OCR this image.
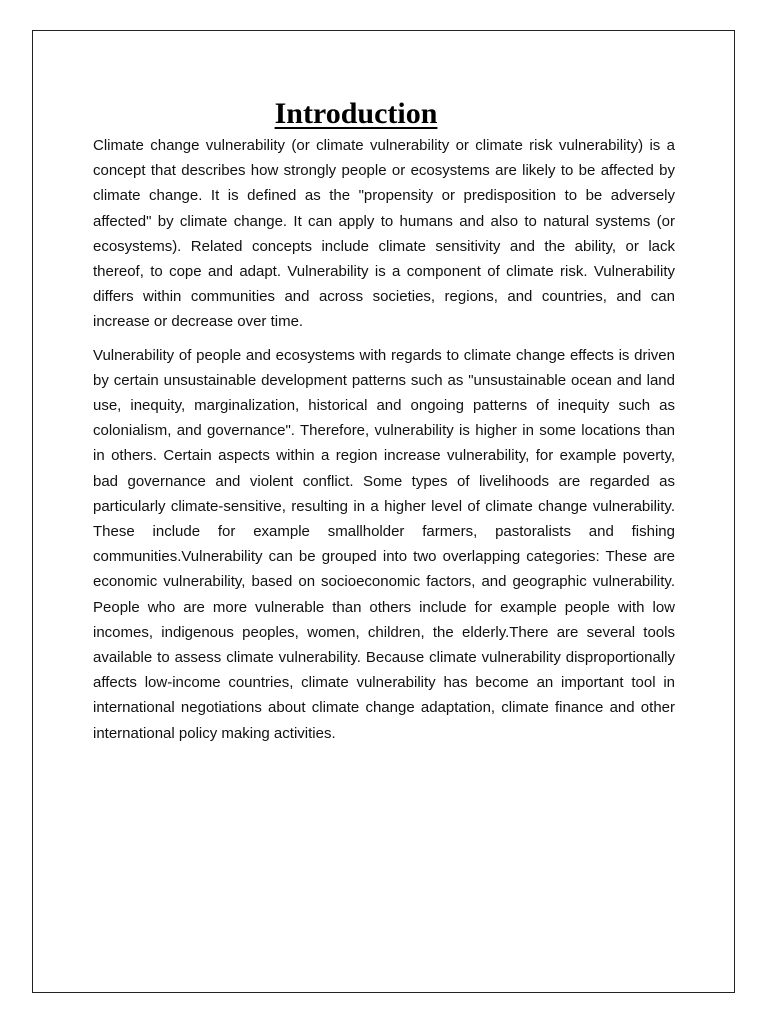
Introduction

Climate change vulnerability (or climate vulnerability or climate risk vulnerability) is a concept that describes how strongly people or ecosystems are likely to be affected by climate change. It is defined as the "propensity or predisposition to be adversely affected" by climate change. It can apply to humans and also to natural systems (or ecosystems). Related concepts include climate sensitivity and the ability, or lack thereof, to cope and adapt. Vulnerability is a component of climate risk. Vulnerability differs within communities and across societies, regions, and countries, and can increase or decrease over time.

Vulnerability of people and ecosystems with regards to climate change effects is driven by certain unsustainable development patterns such as "unsustainable ocean and land use, inequity, marginalization, historical and ongoing patterns of inequity such as colonialism, and governance". Therefore, vulnerability is higher in some locations than in others. Certain aspects within a region increase vulnerability, for example poverty, bad governance and violent conflict. Some types of livelihoods are regarded as particularly climate-sensitive, resulting in a higher level of climate change vulnerability. These include for example smallholder farmers, pastoralists and fishing communities.Vulnerability can be grouped into two overlapping categories: These are economic vulnerability, based on socioeconomic factors, and geographic vulnerability. People who are more vulnerable than others include for example people with low incomes, indigenous peoples, women, children, the elderly.There are several tools available to assess climate vulnerability. Because climate vulnerability disproportionally affects low-income countries, climate vulnerability has become an important tool in international negotiations about climate change adaptation, climate finance and other international policy making activities.
